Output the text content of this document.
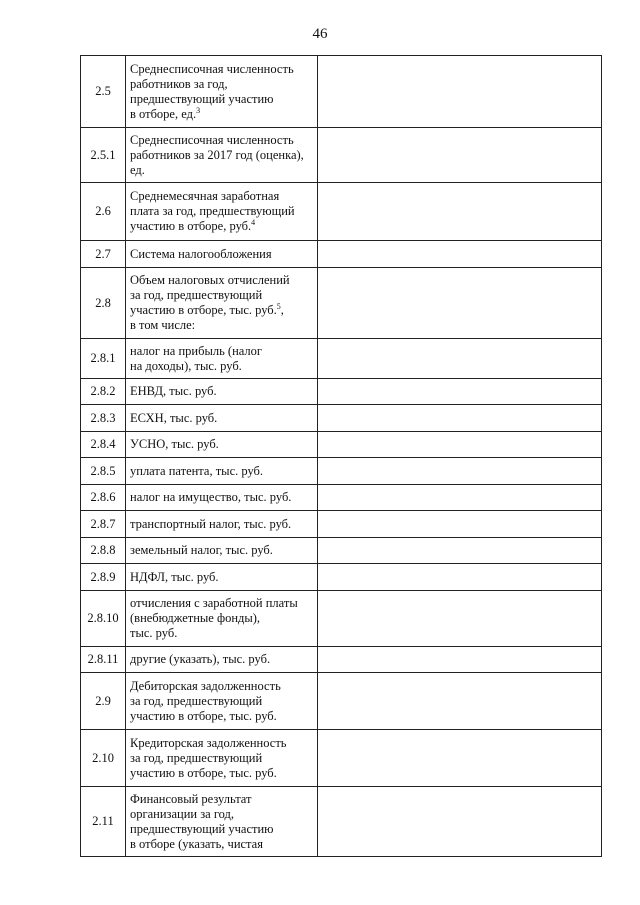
46
2.5	Среднесписочная численность
работников за год,
предшествующий участию
в отборе, ед.$^3$	
2.5.1	Среднесписочная численность
работников за 2017 год (оценка),
ед.	
2.6	Среднемесячная заработная
плата за год, предшествующий
участию в отборе, руб.$^4$	
2.7	Система налогообложения	
2.8	Объем налоговых отчислений
за год, предшествующий
участию в отборе, тыс. руб.$^5$,
в том числе:	
2.8.1	налог на прибыль (налог
на доходы), тыс. руб.	
2.8.2	ЕНВД, тыс. руб.	
2.8.3	ЕСХН, тыс. руб.	
2.8.4	УСНО, тыс. руб.	
2.8.5	уплата патента, тыс. руб.	
2.8.6	налог на имущество, тыс. руб.	
2.8.7	транспортный налог, тыс. руб.	
2.8.8	земельный налог, тыс. руб.	
2.8.9	НДФЛ, тыс. руб.	
2.8.10	отчисления с заработной платы
(внебюджетные фонды),
тыс. руб.	
2.8.11	другие (указать), тыс. руб.	
2.9	Дебиторская задолженность
за год, предшествующий
участию в отборе, тыс. руб.	
2.10	Кредиторская задолженность
за год, предшествующий
участию в отборе, тыс. руб.	
2.11	Финансовый результат
организации за год,
предшествующий участию
в отборе (указать, чистая	
